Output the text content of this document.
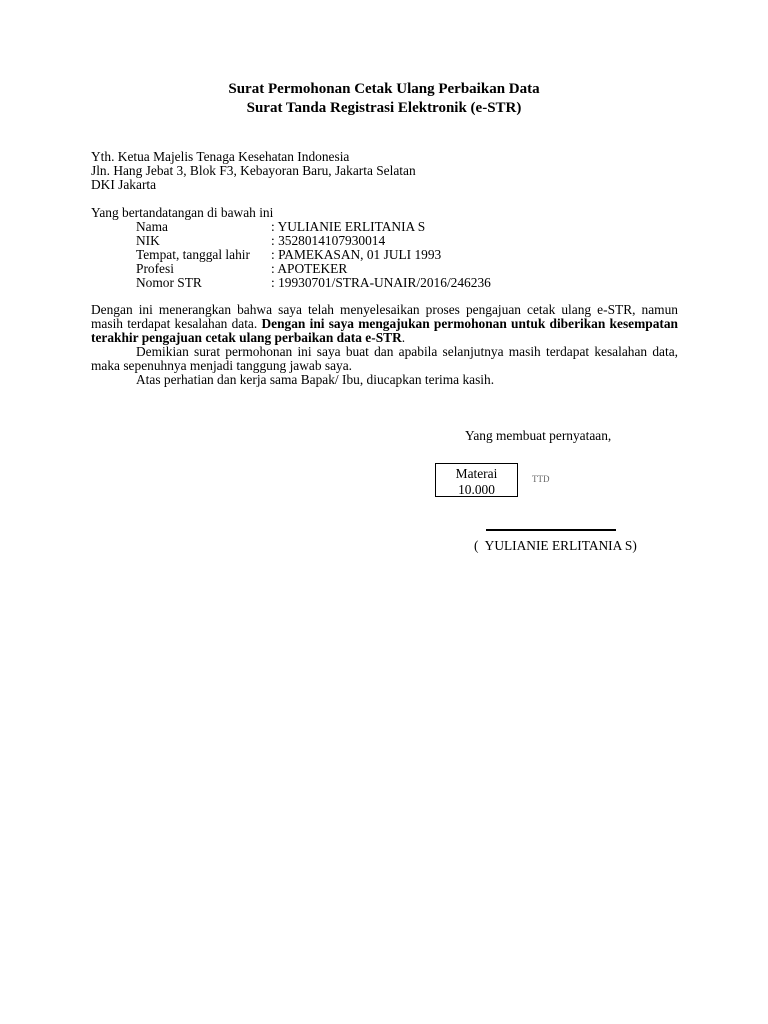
Surat Permohonan Cetak Ulang Perbaikan Data
Surat Tanda Registrasi Elektronik (e-STR)
Yth. Ketua Majelis Tenaga Kesehatan Indonesia
Jln. Hang Jebat 3, Blok F3, Kebayoran Baru, Jakarta Selatan
DKI Jakarta
Yang bertandatangan di bawah ini
Nama	: YULIANIE ERLITANIA S
NIK	: 3528014107930014
Tempat, tanggal lahir : PAMEKASAN, 01 JULI 1993
Profesi	: APOTEKER
Nomor STR	: 19930701/STRA-UNAIR/2016/246236
Dengan ini menerangkan bahwa saya telah menyelesaikan proses pengajuan cetak ulang e-STR, namun masih terdapat kesalahan data. Dengan ini saya mengajukan permohonan untuk diberikan kesempatan terakhir pengajuan cetak ulang perbaikan data e-STR.
Demikian surat permohonan ini saya buat dan apabila selanjutnya masih terdapat kesalahan data, maka sepenuhnya menjadi tanggung jawab saya.
Atas perhatian dan kerja sama Bapak/ Ibu, diucapkan terima kasih.
Yang membuat pernyataan,
Materai
10.000
TTD
(  YULIANIE ERLITANIA S)
